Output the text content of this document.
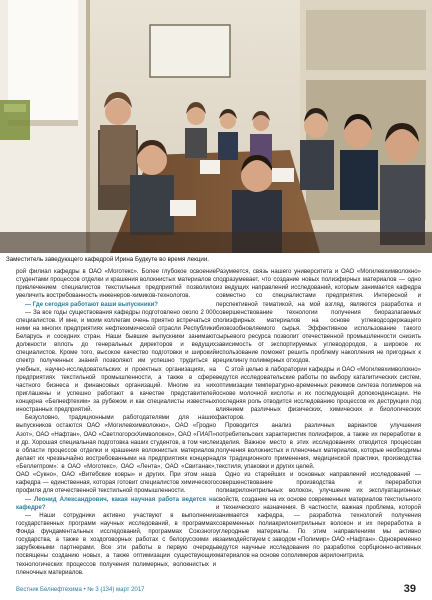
Заместитель заведующего кафедрой Ирина Будкуте во время лекции.

рой филиал кафедры в ОАО «Моготекс». Более глубокое освоение студентами процессов отделки и крашения волокнистых материалов с привлечением специалистов текстильных предприятий позволило увеличить востребованность инженеров-химиков-технологов.

— Где сегодня работают ваши выпускники?

— За все годы существования кафедры подготовлено около 2 000 специалистов. И мне, и моим коллегам очень приятно встречаться с ними на многих предприятиях нефтехимической отрасли Республики Беларусь и соседних стран. Наши бывшие выпускники занимают должности вплоть до генеральных директоров и ведущих специалистов. Кроме того, высокое качество подготовки и широкий спектр полученных знаний позволяют им успешно трудиться в учебных, научно-исследовательских и проектных организациях, на предприятиях текстильной промышленности, а также в сфере частного бизнеса и финансовых организаций. Многие из них приглашены и успешно работают в качестве представителей концерна «Белнефтехим» за рубежом и как специалисты известных иностранных предприятий.

Безусловно, традиционными работодателями для наших выпускников остаются ОАО «Могилевхимволокно», ОАО «Гродно Азот», ОАО «Нафтан», ОАО «СветлогорскХимволокно», ОАО «ГИАП» и др. Хорошая специальная подготовка наших студентов, в том числе в области процессов отделки и крашения волокнистых материалов, делает их чрезвычайно востребованными на предприятиях концерна «Беллегпром»: в ОАО «Моготекс», ОАО «Лента», ОАО «Свитанак», ОАО «Сукно», ОАО «Витебские ковры» и других. При этом наша кафедра — единственная, которая готовит специалистов химического профиля для отечественной текстильной промышленности.

— Леонид Александрович, какая научная работа ведется на кафедре?

— Наши сотрудники активно участвуют в выполнении государственных программ научных исследований, в программах Фонда фундаментальных исследований, программах Союзного государства, а также в хоздоговорных работах с белорусскими и зарубежными партнерами. Все эти работы в первую очередь посвящены созданию новых, а также оптимизации существующих технологических процессов получения полимерных, волокнистых и пленочных материалов.

Разумеется, связь нашего университета и ОАО «Могилевхимволокно» подразумевает, что создание новых полиэфирных материалов — одно из ведущих направлений исследований, которым занимается кафедра совместно со специалистами предприятия. Интересной и перспективной тематикой, на мой взгляд, являются разработка и совершенствование технологии получения биоразлагаемых полиэфирных материалов на основе углеводсодержащего биовозобновляемого сырья. Эффективное использование такого сырьевого ресурса позволит отечественной промышленности снизить зависимость от экспортируемых углеводородов, а широкое их использование поможет решить проблему накопления не пригодных к рециклингу полимерных отходов.

С этой целью в лаборатории кафедры и ОАО «Могилевхимволокно» ведутся исследовательские работы по выбору каталитических систем, оптимизации температурно-временных режимов синтеза полимеров на основе молочной кислоты и их последующей допоконденсации. Не последняя роль отводится исследованию процессов их деструкции под влиянием различных физических, химических и биологических факторов.

Проводится анализ различных вариантов улучшения потребительских характеристик полиэфиров, а также их переработки в изделия. Важное место в этих исследованиях отводится процессам получения волокнистых и пленочных материалов, которые необходимы для традиционного применения, медицинской практики, производства текстиля, упаковки и других целей.

Одно из старейших и основных направлений исследований — совершенствование производства и переработки полиакрилонитрильных волокон, улучшение их эксплуатационных свойств, создание на их основе современных материалов текстильного и технического назначения. В частности, важная проблема, которой занимается кафедра, — разработка технологий получения современных полиакрилонитрильных волокон и их переработка в углеродные материалы. По этим направлениям мы активно взаимодействуем с заводом «Полимир» ОАО «Нафтан». Одновременно ведутся научные исследования по разработке сорбционно-активных материалов на основе сополимеров акрилонитрила.

Вестник Белнефтехима • № 3 (134) март 2017	39
